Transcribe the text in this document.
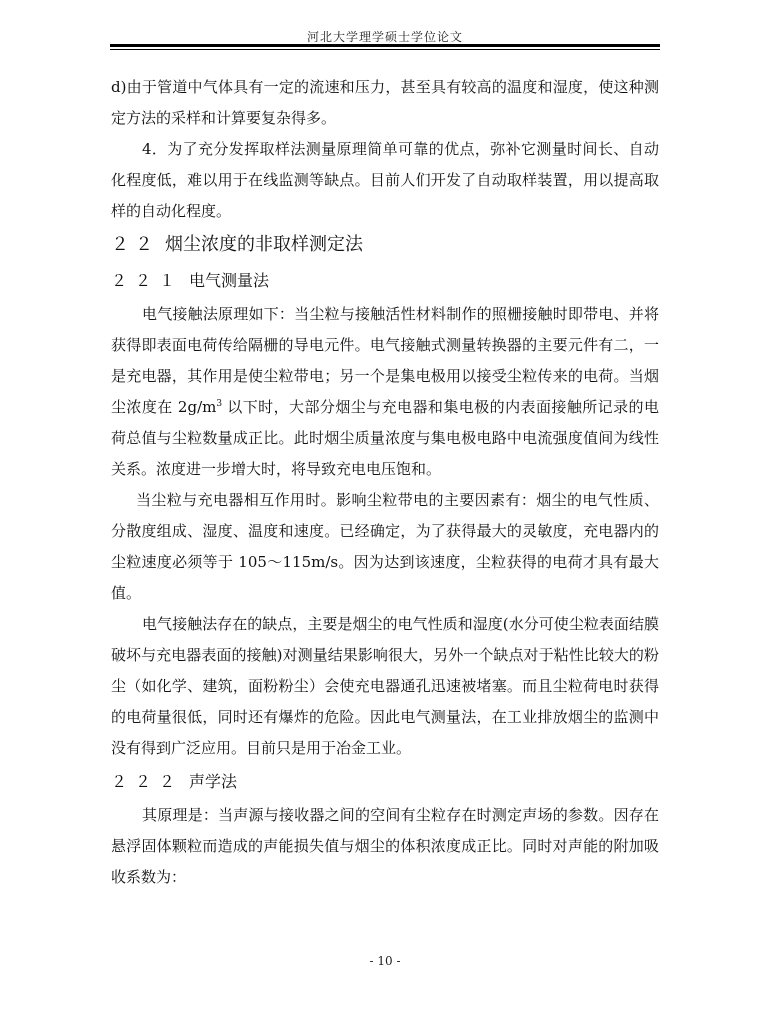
河北大学理学硕士学位论文

d)由于管道中气体具有一定的流速和压力，甚至具有较高的温度和湿度，使这种测定方法的采样和计算要复杂得多。

4．为了充分发挥取样法测量原理简单可靠的优点，弥补它测量时间长、自动化程度低，难以用于在线监测等缺点。目前人们开发了自动取样装置，用以提高取样的自动化程度。

２ ２ 烟尘浓度的非取样测定法
２ ２ １ 电气测量法

电气接触法原理如下：当尘粒与接触活性材料制作的照栅接触时即带电、并将获得即表面电荷传给隔栅的导电元件。电气接触式测量转换器的主要元件有二，一是充电器，其作用是使尘粒带电；另一个是集电极用以接受尘粒传来的电荷。当烟尘浓度在 $2g/m^3$ 以下时，大部分烟尘与充电器和集电极的内表面接触所记录的电荷总值与尘粒数量成正比。此时烟尘质量浓度与集电极电路中电流强度值间为线性关系。浓度进一步增大时，将导致充电电压饱和。

当尘粒与充电器相互作用时。影响尘粒带电的主要因素有：烟尘的电气性质、分散度组成、湿度、温度和速度。已经确定，为了获得最大的灵敏度，充电器内的尘粒速度必须等于 105～115m/s。因为达到该速度，尘粒获得的电荷才具有最大值。

电气接触法存在的缺点，主要是烟尘的电气性质和湿度(水分可使尘粒表面结膜破坏与充电器表面的接触)对测量结果影响很大，另外一个缺点对于粘性比较大的粉尘（如化学、建筑，面粉粉尘）会使充电器通孔迅速被堵塞。而且尘粒荷电时获得的电荷量很低，同时还有爆炸的危险。因此电气测量法，在工业排放烟尘的监测中没有得到广泛应用。目前只是用于冶金工业。

２ ２ ２ 声学法

其原理是：当声源与接收器之间的空间有尘粒存在时测定声场的参数。因存在悬浮固体颗粒而造成的声能损失值与烟尘的体积浓度成正比。同时对声能的附加吸收系数为：

- 10 -
